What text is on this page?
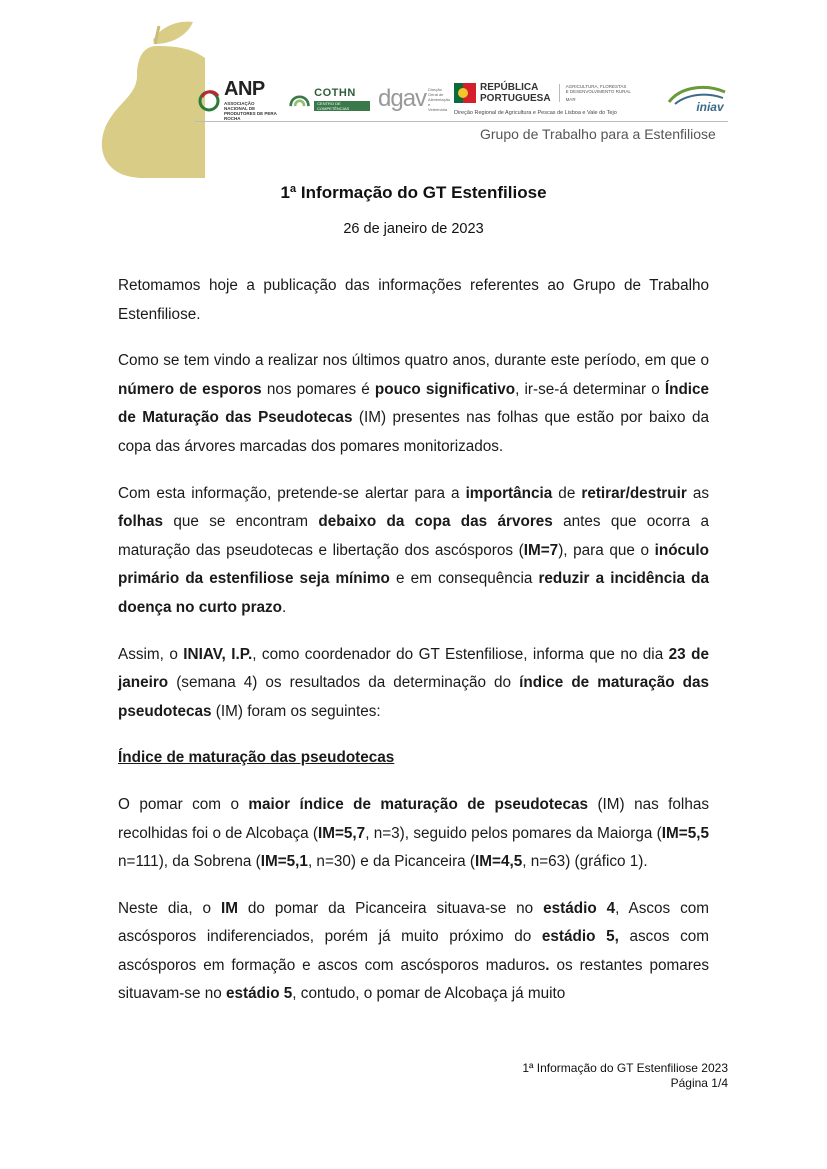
ANP
ASSOCIAÇÃO NACIONAL DE PRODUTORES DE PERA ROCHA
COTHN
CENTRO DE COMPETÊNCIAS	dgav Direção Geral de Alimentação e Veterinária
REPÚBLICA
PORTUGUESA
AGRICULTURA, FLORESTAS
E DESENVOLVIMENTO RURAL
MAR
Direção Regional de Agricultura e Pescas de Lisboa e Vale do Tejo	iniav
Grupo de Trabalho para a Estenfiliose
1ª Informação do GT Estenfiliose
26 de janeiro de 2023

Retomamos hoje a publicação das informações referentes ao Grupo de Trabalho Estenfiliose.

Como se tem vindo a realizar nos últimos quatro anos, durante este período, em que o número de esporos nos pomares é pouco significativo, ir-se-á determinar o Índice de Maturação das Pseudotecas (IM) presentes nas folhas que estão por baixo da copa das árvores marcadas dos pomares monitorizados.

Com esta informação, pretende-se alertar para a importância de retirar/destruir as folhas que se encontram debaixo da copa das árvores antes que ocorra a maturação das pseudotecas e libertação dos ascósporos (IM=7), para que o inóculo primário da estenfiliose seja mínimo e em consequência reduzir a incidência da doença no curto prazo.

Assim, o INIAV, I.P., como coordenador do GT Estenfiliose, informa que no dia 23 de janeiro (semana 4) os resultados da determinação do índice de maturação das pseudotecas (IM) foram os seguintes:

Índice de maturação das pseudotecas

O pomar com o maior índice de maturação de pseudotecas (IM) nas folhas recolhidas foi o de Alcobaça (IM=5,7, n=3), seguido pelos pomares da Maiorga (IM=5,5 n=111), da Sobrena (IM=5,1, n=30) e da Picanceira (IM=4,5, n=63) (gráfico 1).

Neste dia, o IM do pomar da Picanceira situava-se no estádio 4, Ascos com ascósporos indiferenciados, porém já muito próximo do estádio 5, ascos com ascósporos em formação e ascos com ascósporos maduros. os restantes pomares situavam-se no estádio 5, contudo, o pomar de Alcobaça já muito

1ª Informação do GT Estenfiliose 2023
Página 1/4
